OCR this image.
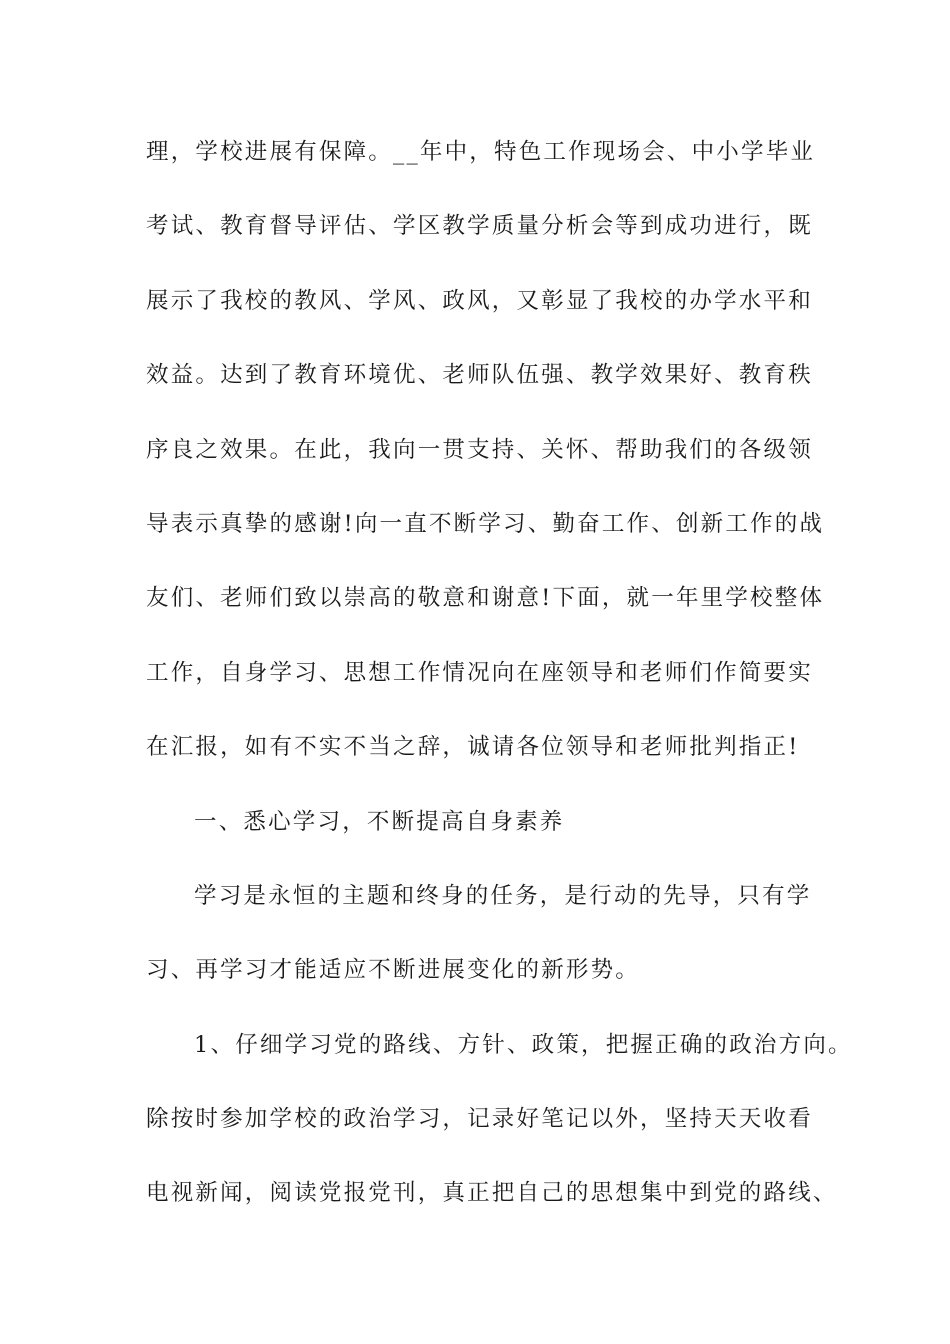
理，学校进展有保障。__年中，特色工作现场会、中小学毕业
考试、教育督导评估、学区教学质量分析会等到成功进行，既
展示了我校的教风、学风、政风，又彰显了我校的办学水平和
效益。达到了教育环境优、老师队伍强、教学效果好、教育秩
序良之效果。在此，我向一贯支持、关怀、帮助我们的各级领
导表示真挚的感谢!向一直不断学习、勤奋工作、创新工作的战
友们、老师们致以崇高的敬意和谢意!下面，就一年里学校整体
工作，自身学习、思想工作情况向在座领导和老师们作简要实
在汇报，如有不实不当之辞，诚请各位领导和老师批判指正!
一、悉心学习，不断提高自身素养
学习是永恒的主题和终身的任务，是行动的先导，只有学
习、再学习才能适应不断进展变化的新形势。
1、仔细学习党的路线、方针、政策，把握正确的政治方向。
除按时参加学校的政治学习，记录好笔记以外，坚持天天收看
电视新闻，阅读党报党刊，真正把自己的思想集中到党的路线、
